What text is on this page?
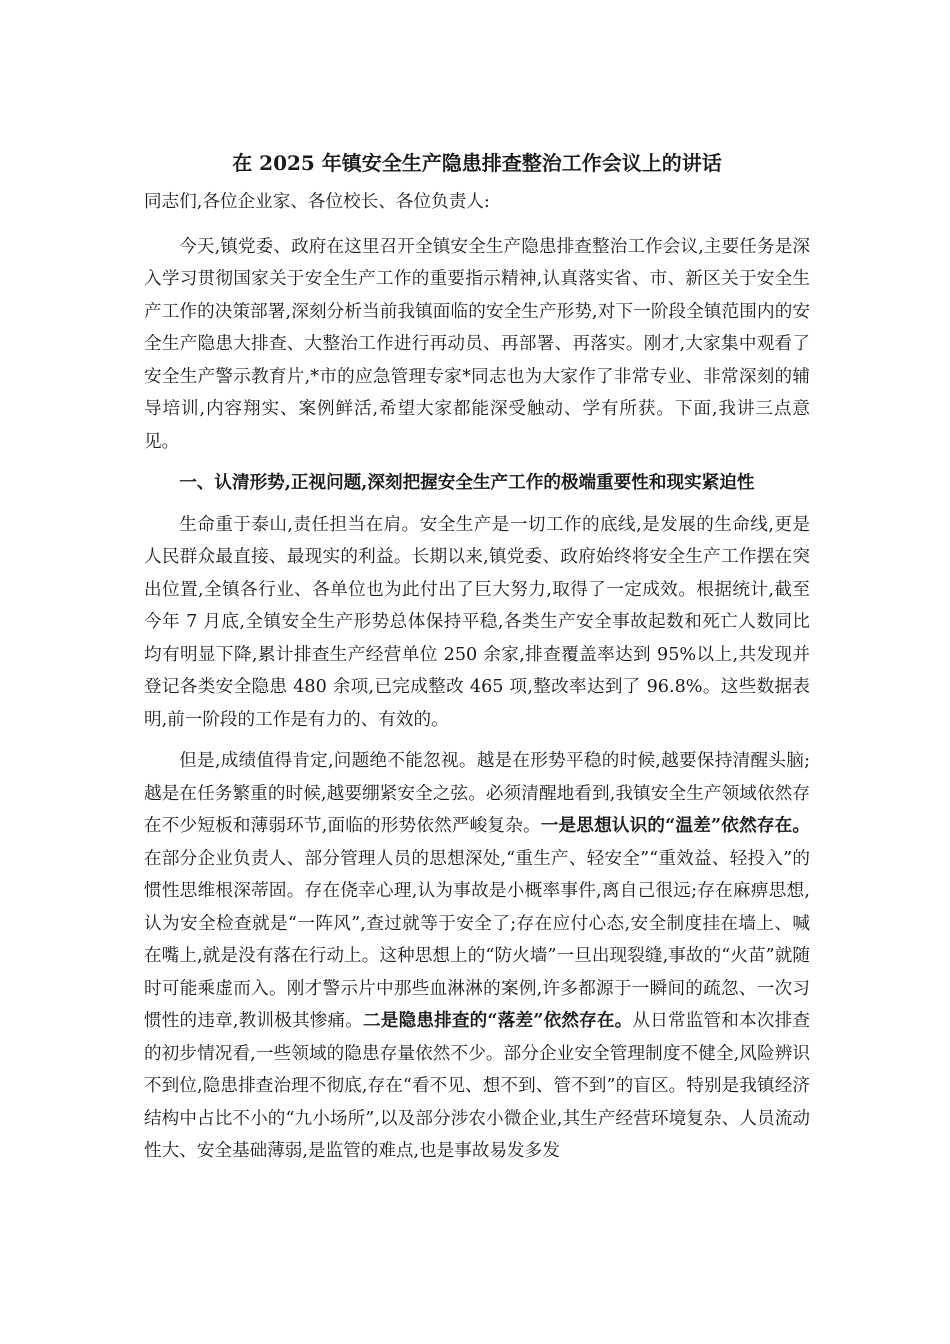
在 2025 年镇安全生产隐患排查整治工作会议上的讲话

同志们,各位企业家、各位校长、各位负责人:

今天,镇党委、政府在这里召开全镇安全生产隐患排查整治工作会议,主要任务是深入学习贯彻国家关于安全生产工作的重要指示精神,认真落实省、市、新区关于安全生产工作的决策部署,深刻分析当前我镇面临的安全生产形势,对下一阶段全镇范围内的安全生产隐患大排查、大整治工作进行再动员、再部署、再落实。刚才,大家集中观看了安全生产警示教育片,*市的应急管理专家*同志也为大家作了非常专业、非常深刻的辅导培训,内容翔实、案例鲜活,希望大家都能深受触动、学有所获。下面,我讲三点意见。

一、认清形势,正视问题,深刻把握安全生产工作的极端重要性和现实紧迫性

生命重于泰山,责任担当在肩。安全生产是一切工作的底线,是发展的生命线,更是人民群众最直接、最现实的利益。长期以来,镇党委、政府始终将安全生产工作摆在突出位置,全镇各行业、各单位也为此付出了巨大努力,取得了一定成效。根据统计,截至今年 7 月底,全镇安全生产形势总体保持平稳,各类生产安全事故起数和死亡人数同比均有明显下降,累计排查生产经营单位 250 余家,排查覆盖率达到 95%以上,共发现并登记各类安全隐患 480 余项,已完成整改 465 项,整改率达到了 96.8%。这些数据表明,前一阶段的工作是有力的、有效的。

但是,成绩值得肯定,问题绝不能忽视。越是在形势平稳的时候,越要保持清醒头脑;越是在任务繁重的时候,越要绷紧安全之弦。必须清醒地看到,我镇安全生产领域依然存在不少短板和薄弱环节,面临的形势依然严峻复杂。一是思想认识的“温差”依然存在。在部分企业负责人、部分管理人员的思想深处,“重生产、轻安全”“重效益、轻投入”的惯性思维根深蒂固。存在侥幸心理,认为事故是小概率事件,离自己很远;存在麻痹思想,认为安全检查就是“一阵风”,查过就等于安全了;存在应付心态,安全制度挂在墙上、喊在嘴上,就是没有落在行动上。这种思想上的“防火墙”一旦出现裂缝,事故的“火苗”就随时可能乘虚而入。刚才警示片中那些血淋淋的案例,许多都源于一瞬间的疏忽、一次习惯性的违章,教训极其惨痛。二是隐患排查的“落差”依然存在。从日常监管和本次排查的初步情况看,一些领域的隐患存量依然不少。部分企业安全管理制度不健全,风险辨识不到位,隐患排查治理不彻底,存在“看不见、想不到、管不到”的盲区。特别是我镇经济结构中占比不小的“九小场所”,以及部分涉农小微企业,其生产经营环境复杂、人员流动性大、安全基础薄弱,是监管的难点,也是事故易发多发
